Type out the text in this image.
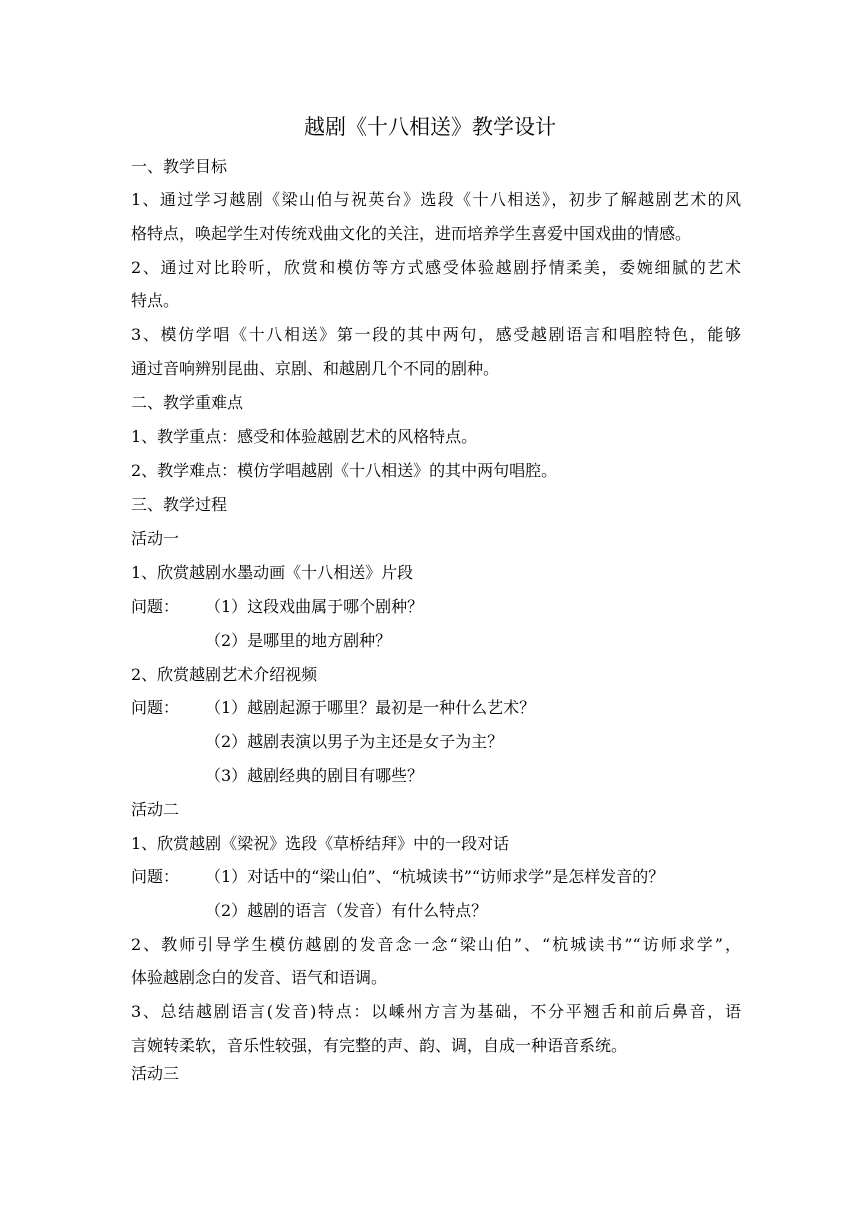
越剧《十八相送》教学设计
一、教学目标
1、通过学习越剧《梁山伯与祝英台》选段《十八相送》，初步了解越剧艺术的风
格特点，唤起学生对传统戏曲文化的关注，进而培养学生喜爱中国戏曲的情感。
2、通过对比聆听，欣赏和模仿等方式感受体验越剧抒情柔美，委婉细腻的艺术
特点。
3、模仿学唱《十八相送》第一段的其中两句，感受越剧语言和唱腔特色，能够
通过音响辨别昆曲、京剧、和越剧几个不同的剧种。
二、教学重难点
1、教学重点：感受和体验越剧艺术的风格特点。
2、教学难点：模仿学唱越剧《十八相送》的其中两句唱腔。
三、教学过程
活动一
1、欣赏越剧水墨动画《十八相送》片段
问题： （1）这段戏曲属于哪个剧种？
（2）是哪里的地方剧种？
2、欣赏越剧艺术介绍视频
问题： （1）越剧起源于哪里？最初是一种什么艺术？
（2）越剧表演以男子为主还是女子为主？
（3）越剧经典的剧目有哪些？
活动二
1、欣赏越剧《梁祝》选段《草桥结拜》中的一段对话
问题： （1）对话中的“梁山伯”、“杭城读书”“访师求学”是怎样发音的？
（2）越剧的语言（发音）有什么特点？
2、教师引导学生模仿越剧的发音念一念“梁山伯”、“杭城读书”“访师求学”，
体验越剧念白的发音、语气和语调。
3、总结越剧语言(发音)特点：以嵊州方言为基础，不分平翘舌和前后鼻音，语
言婉转柔软，音乐性较强，有完整的声、韵、调，自成一种语音系统。
活动三
